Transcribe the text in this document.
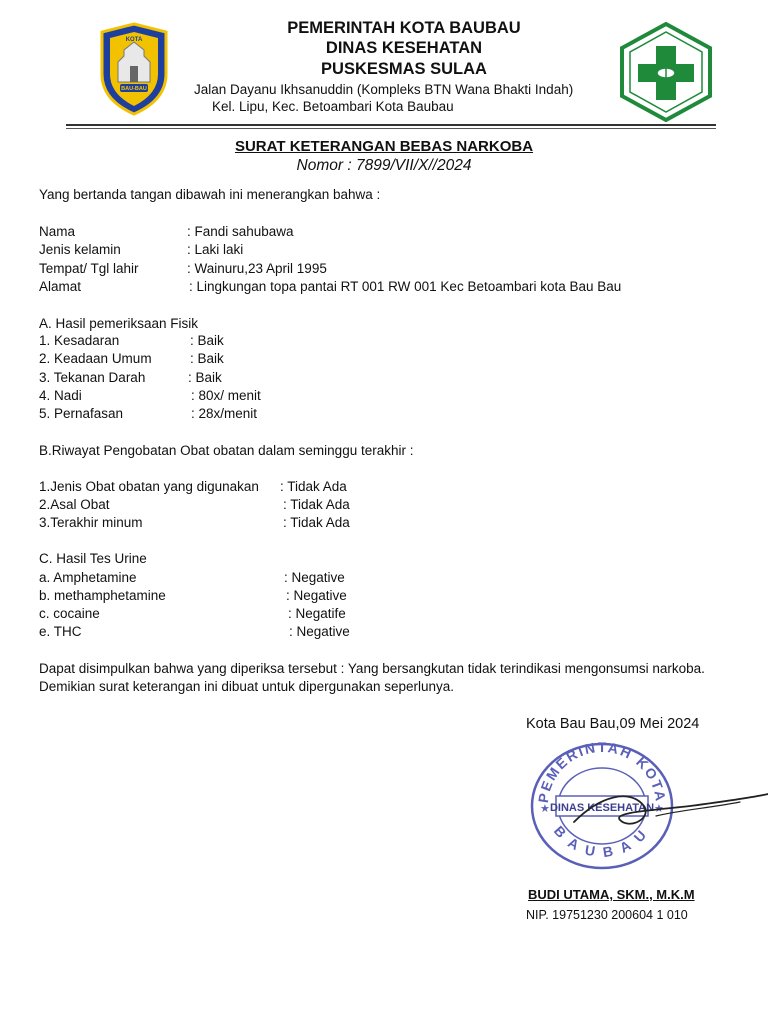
KOTA
BAU-BAU
PEMERINTAH KOTA BAUBAU
DINAS KESEHATAN
PUSKESMAS SULAA
Jalan Dayanu Ikhsanuddin (Kompleks BTN Wana Bhakti Indah)
Kel. Lipu, Kec. Betoambari Kota Baubau
SURAT KETERANGAN BEBAS NARKOBA
Nomor : 7899/VII/X//2024
Yang bertanda tangan dibawah ini menerangkan bahwa :
Nama	: Fandi sahubawa
Jenis kelamin	: Laki laki
Tempat/ Tgl lahir	: Wainuru,23 April 1995
Alamat	: Lingkungan topa pantai RT 001 RW 001 Kec Betoambari kota Bau Bau
A. Hasil pemeriksaan Fisik
1. Kesadaran	: Baik
2. Keadaan Umum	: Baik
3. Tekanan Darah	: Baik
4. Nadi	: 80x/ menit
5. Pernafasan	: 28x/menit
B.Riwayat Pengobatan Obat obatan dalam seminggu terakhir :
1.Jenis Obat obatan yang digunakan : Tidak Ada
2.Asal Obat	: Tidak Ada
3.Terakhir minum	: Tidak Ada
C. Hasil Tes Urine
a. Amphetamine	: Negative
b. methamphetamine	: Negative
c. cocaine	: Negatife
e. THC	: Negative
Dapat disimpulkan bahwa yang diperiksa tersebut : Yang bersangkutan tidak terindikasi mengonsumsi narkoba.
Demikian surat keterangan ini dibuat untuk dipergunakan seperlunya.
Kota Bau Bau,09 Mei 2024
PEMERINTAH KOTA
BAUBAU
DINAS KESEHATAN
★	★
BUDI UTAMA, SKM., M.K.M
NIP. 19751230 200604 1 010
